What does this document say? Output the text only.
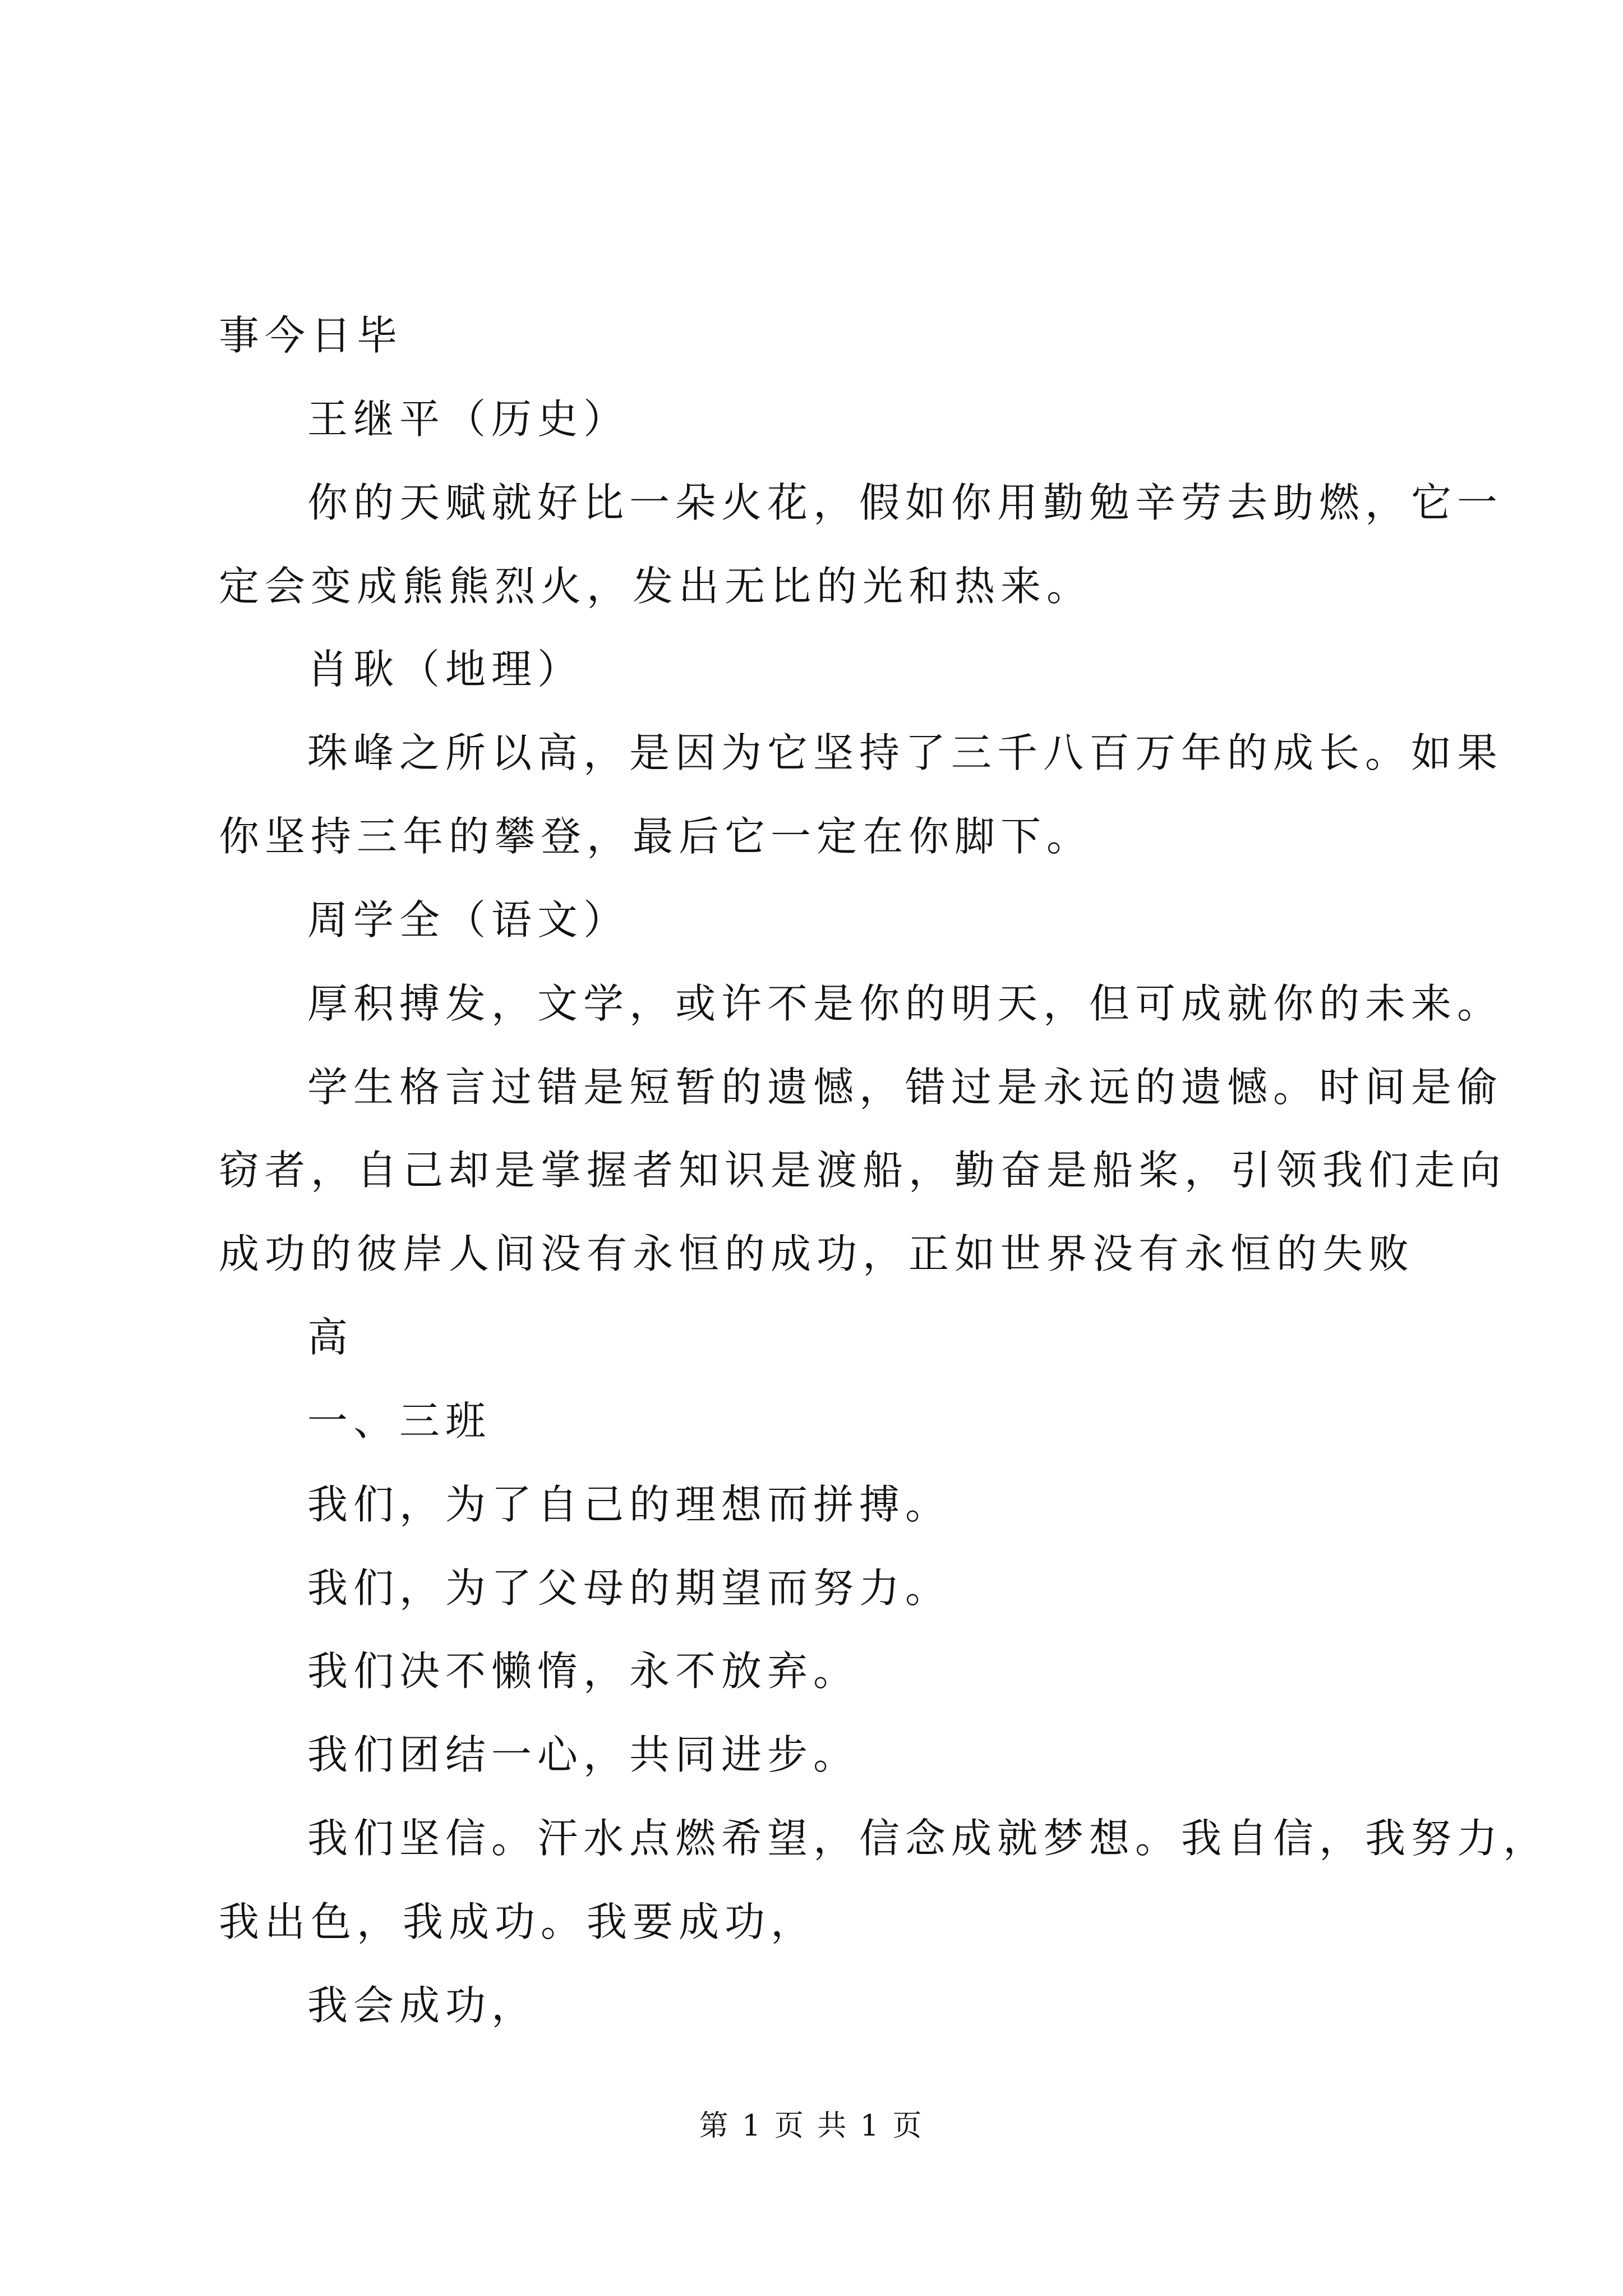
事今日毕
王继平（历史）
你的天赋就好比一朵火花，假如你用勤勉辛劳去助燃，它一
定会变成熊熊烈火，发出无比的光和热来。
肖耿（地理）
珠峰之所以高，是因为它坚持了三千八百万年的成长。如果
你坚持三年的攀登，最后它一定在你脚下。
周学全（语文）
厚积搏发，文学，或许不是你的明天，但可成就你的未来。
学生格言过错是短暂的遗憾，错过是永远的遗憾。时间是偷
窃者，自己却是掌握者知识是渡船，勤奋是船桨，引领我们走向
成功的彼岸人间没有永恒的成功，正如世界没有永恒的失败
高
一、三班
我们，为了自己的理想而拼搏。
我们，为了父母的期望而努力。
我们决不懒惰，永不放弃。
我们团结一心，共同进步。
我们坚信。汗水点燃希望，信念成就梦想。我自信，我努力，
我出色，我成功。我要成功，
我会成功，
第 1 页 共 1 页
